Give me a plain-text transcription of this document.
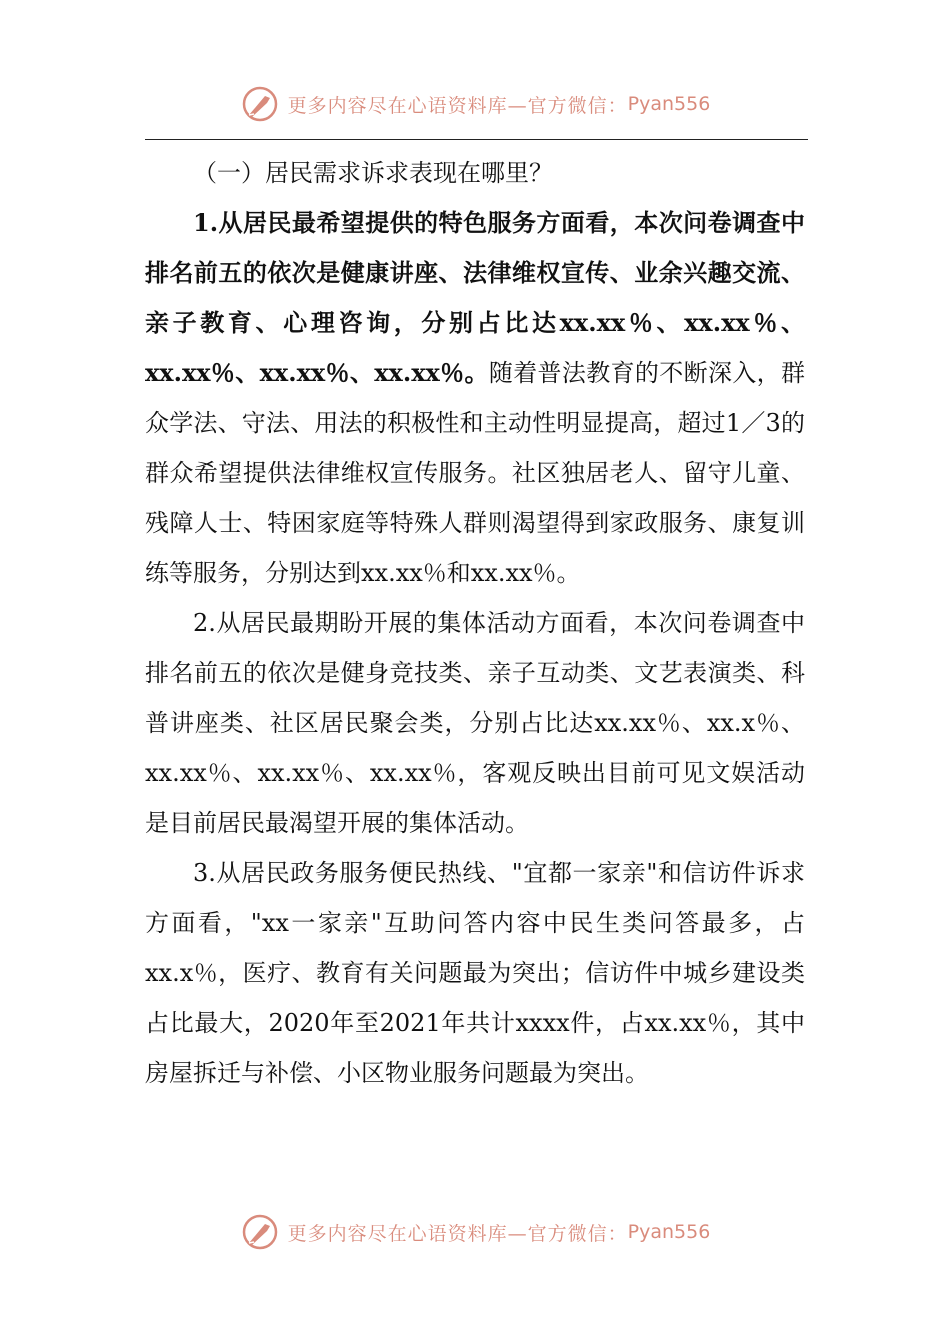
更多内容尽在心语资料库—官方微信： Pyan556

（一）居民需求诉求表现在哪里？

1.从居民最希望提供的特色服务方面看，本次问卷调查中排名前五的依次是健康讲座、法律维权宣传、业余兴趣交流、亲子教育、心理咨询，分别占比达xx.xx％、xx.xx％、xx.xx％、xx.xx％、xx.xx％。随着普法教育的不断深入，群众学法、守法、用法的积极性和主动性明显提高，超过1／3的群众希望提供法律维权宣传服务。社区独居老人、留守儿童、残障人士、特困家庭等特殊人群则渴望得到家政服务、康复训练等服务，分别达到xx.xx％和xx.xx％。

2.从居民最期盼开展的集体活动方面看，本次问卷调查中排名前五的依次是健身竞技类、亲子互动类、文艺表演类、科普讲座类、社区居民聚会类，分别占比达xx.xx％、xx.x％、xx.xx％、xx.xx％、xx.xx％，客观反映出目前可见文娱活动是目前居民最渴望开展的集体活动。

3.从居民政务服务便民热线、"宜都一家亲"和信访件诉求方面看，"xx一家亲"互助问答内容中民生类问答最多，占xx.x％，医疗、教育有关问题最为突出；信访件中城乡建设类占比最大，2020年至2021年共计xxxx件，占xx.xx％，其中房屋拆迁与补偿、小区物业服务问题最为突出。

更多内容尽在心语资料库—官方微信： Pyan556
